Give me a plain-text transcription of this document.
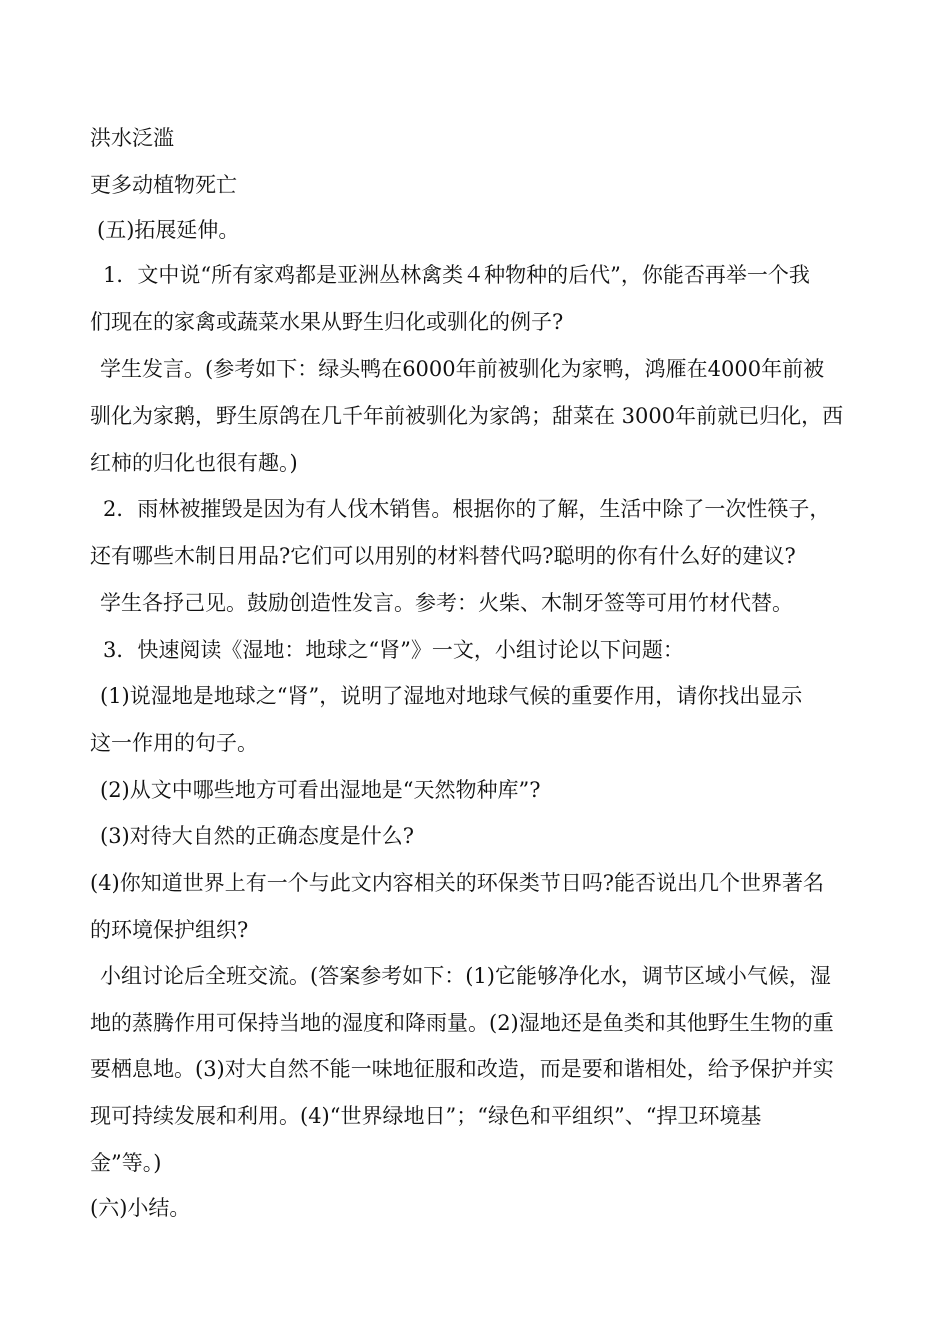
洪水泛滥
更多动植物死亡
(五)拓展延伸。
1．文中说“所有家鸡都是亚洲丛林禽类４种物种的后代”，你能否再举一个我
们现在的家禽或蔬菜水果从野生归化或驯化的例子?
学生发言。(参考如下：绿头鸭在6000年前被驯化为家鸭，鸿雁在4000年前被
驯化为家鹅，野生原鸽在几千年前被驯化为家鸽；甜菜在 3000年前就已归化，西
红柿的归化也很有趣。)
2．雨林被摧毁是因为有人伐木销售。根据你的了解，生活中除了一次性筷子，
还有哪些木制日用品?它们可以用别的材料替代吗?聪明的你有什么好的建议?
学生各抒己见。鼓励创造性发言。参考：火柴、木制牙签等可用竹材代替。
3．快速阅读《湿地：地球之“肾”》一文，小组讨论以下问题：
(1)说湿地是地球之“肾”，说明了湿地对地球气候的重要作用，请你找出显示
这一作用的句子。
(2)从文中哪些地方可看出湿地是“天然物种库”?
(3)对待大自然的正确态度是什么?
(4)你知道世界上有一个与此文内容相关的环保类节日吗?能否说出几个世界著名
的环境保护组织?
小组讨论后全班交流。(答案参考如下：(1)它能够净化水，调节区域小气候，湿
地的蒸腾作用可保持当地的湿度和降雨量。(2)湿地还是鱼类和其他野生生物的重
要栖息地。(3)对大自然不能一味地征服和改造，而是要和谐相处，给予保护并实
现可持续发展和利用。(4)“世界绿地日”；“绿色和平组织”、“捍卫环境基
金”等。)
(六)小结。
